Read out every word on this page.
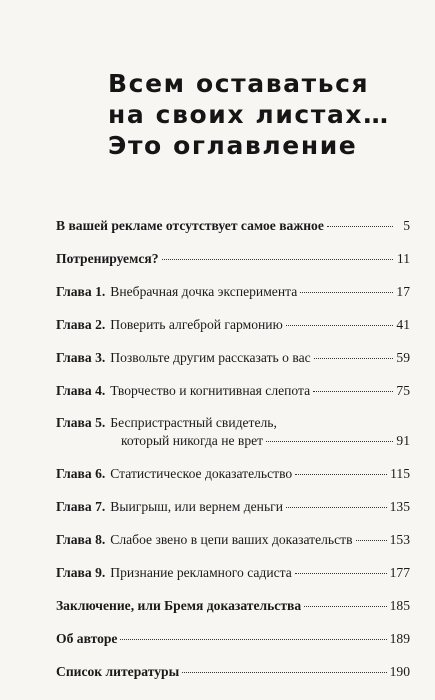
Всем оставаться
на своих листах…
Это оглавление
В вашей рекламе отсутствует самое важное	5
Потренируемся?	11
Глава 1. Внебрачная дочка эксперимента	17
Глава 2. Поверить алгеброй гармонию	41
Глава 3. Позвольте другим рассказать о вас	59
Глава 4. Творчество и когнитивная слепота	75
Глава 5. Беспристрастный свидетель,
который никогда не врет	91
Глава 6. Статистическое доказательство	115
Глава 7. Выигрыш, или вернем деньги	135
Глава 8. Слабое звено в цепи ваших доказательств	153
Глава 9. Признание рекламного садиста	177
Заключение, или Бремя доказательства	185
Об авторе	189
Список литературы	190
